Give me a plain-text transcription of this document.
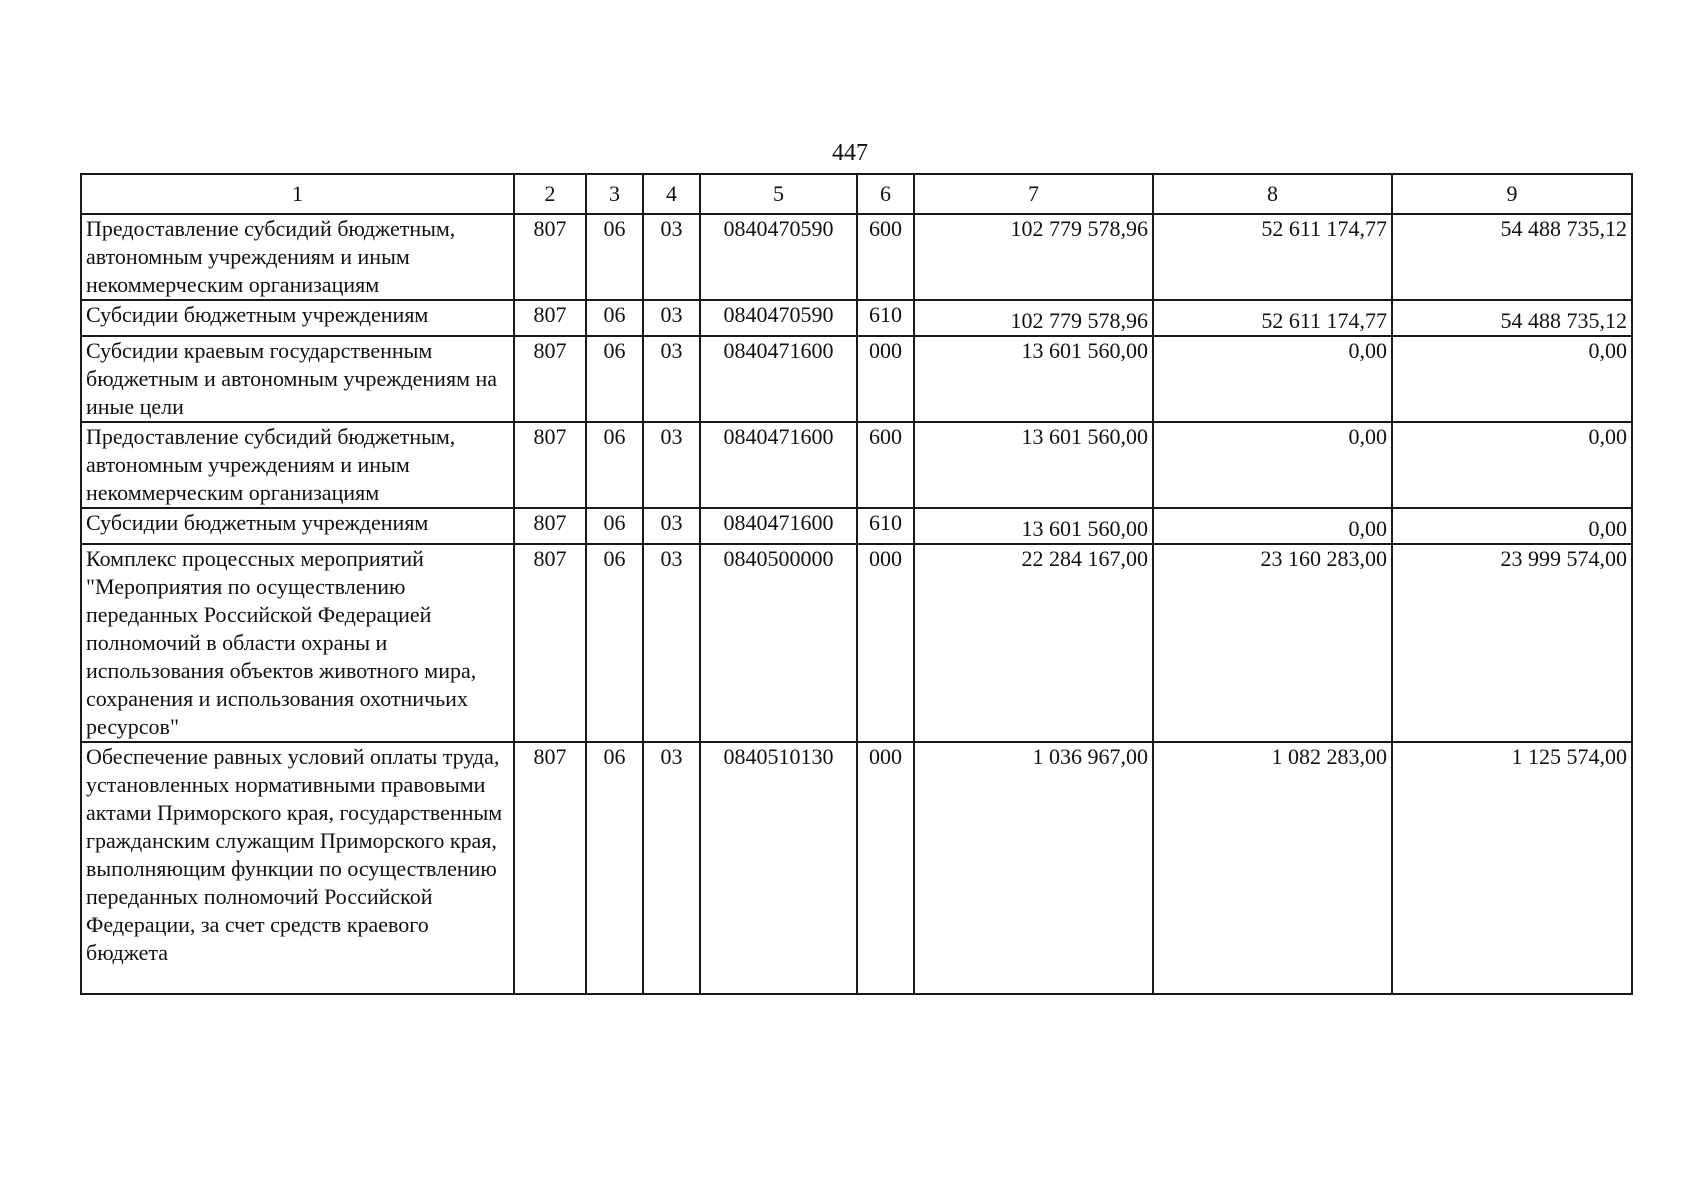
447
1	2	3	4	5	6	7	8	9
Предоставление субсидий бюджетным, автономным учреждениям и иным некоммерческим организациям	807	06	03	0840470590	600	102 779 578,96	52 611 174,77	54 488 735,12
Субсидии бюджетным учреждениям	807	06	03	0840470590	610	102 779 578,96	52 611 174,77	54 488 735,12
Субсидии краевым государственным бюджетным и автономным учреждениям на иные цели	807	06	03	0840471600	000	13 601 560,00	0,00	0,00
Предоставление субсидий бюджетным, автономным учреждениям и иным некоммерческим организациям	807	06	03	0840471600	600	13 601 560,00	0,00	0,00
Субсидии бюджетным учреждениям	807	06	03	0840471600	610	13 601 560,00	0,00	0,00
Комплекс процессных мероприятий "Мероприятия по осуществлению переданных Российской Федерацией полномочий в области охраны и использования объектов животного мира, сохранения и использования охотничьих ресурсов"	807	06	03	0840500000	000	22 284 167,00	23 160 283,00	23 999 574,00
Обеспечение равных условий оплаты труда, установленных нормативными правовыми актами Приморского края, государственным гражданским служащим Приморского края, выполняющим функции по осуществлению переданных полномочий Российской Федерации, за счет средств краевого бюджета	807	06	03	0840510130	000	1 036 967,00	1 082 283,00	1 125 574,00
